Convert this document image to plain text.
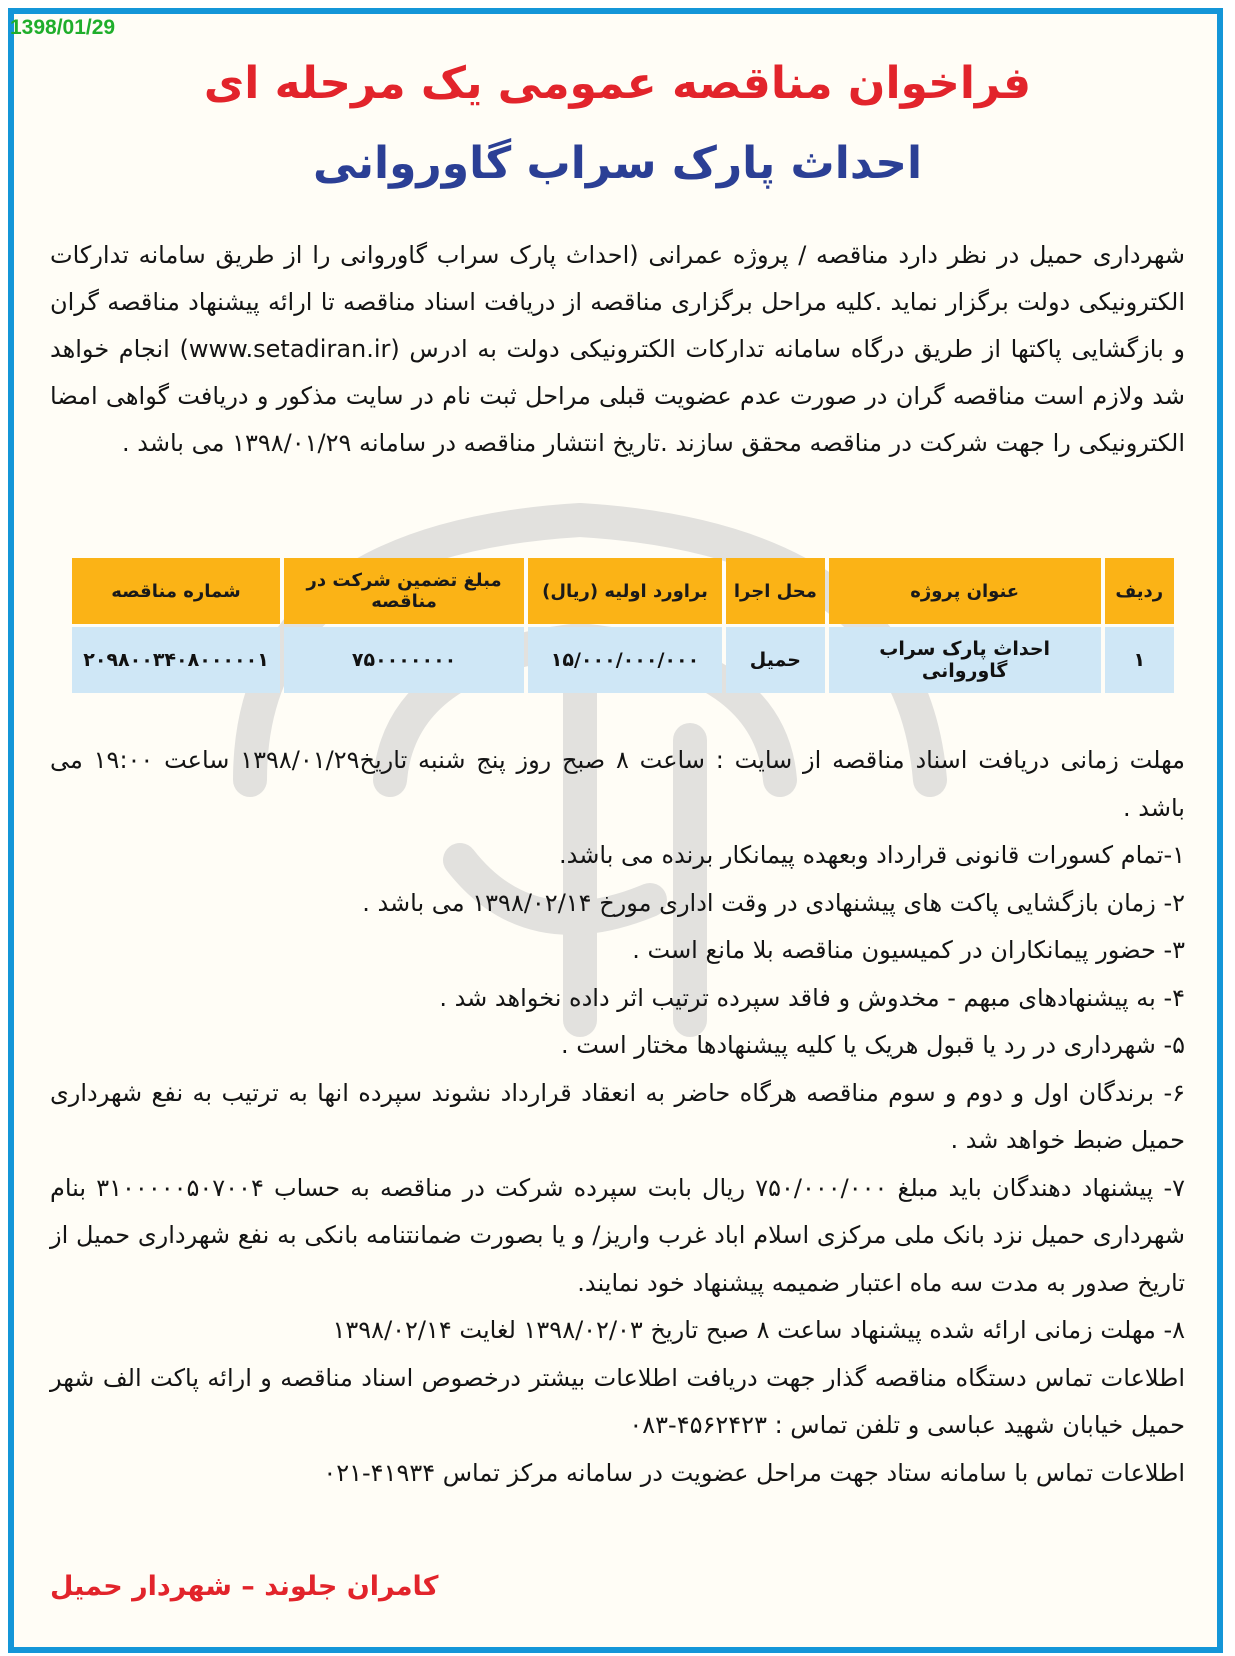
1398/01/29
فراخوان مناقصه عمومی یک مرحله ای
احداث پارک سراب گاوروانی
شهرداری حمیل در نظر دارد مناقصه / پروژه عمرانی (احداث پارک سراب گاوروانی را از طریق سامانه تدارکات الکترونیکی دولت برگزار نماید .کلیه مراحل برگزاری مناقصه از دریافت اسناد مناقصه تا ارائه پیشنهاد مناقصه گران و بازگشایی پاکتها از طریق درگاه سامانه تدارکات الکترونیکی دولت به ادرس (www.setadiran.ir) انجام خواهد شد ولازم است مناقصه گران در صورت عدم عضویت قبلی مراحل ثبت نام در سایت مذکور و دریافت گواهی امضا الکترونیکی را جهت شرکت در مناقصه محقق سازند .تاریخ انتشار مناقصه در سامانه ۱۳۹۸/۰۱/۲۹ می باشد .
ردیف	عنوان پروژه	محل اجرا	براورد اولیه (ریال)	مبلغ تضمین شرکت در مناقصه	شماره مناقصه
۱	احداث پارک سراب گاوروانی	حمیل	۱۵/۰۰۰/۰۰۰/۰۰۰	۷۵۰۰۰۰۰۰۰	۲۰۹۸۰۰۳۴۰۸۰۰۰۰۰۱

مهلت زمانی دریافت اسناد مناقصه از سایت : ساعت ۸ صبح روز پنج شنبه تاریخ۱۳۹۸/۰۱/۲۹ ساعت ۱۹:۰۰ می باشد .

۱-تمام کسورات قانونی قرارداد وبعهده پیمانکار برنده می باشد.

۲- زمان بازگشایی پاکت های پیشنهادی در وقت اداری مورخ ۱۳۹۸/۰۲/۱۴ می باشد .

۳- حضور پیمانکاران در کمیسیون مناقصه بلا مانع است .

۴- به پیشنهادهای مبهم - مخدوش و فاقد سپرده ترتیب اثر داده نخواهد شد .

۵- شهرداری در رد یا قبول هریک یا کلیه پیشنهادها مختار است .

۶- برندگان اول و دوم و سوم مناقصه هرگاه حاضر به انعقاد قرارداد نشوند سپرده انها به ترتیب به نفع شهرداری حمیل ضبط خواهد شد .

۷- پیشنهاد دهندگان باید مبلغ ۷۵۰/۰۰۰/۰۰۰ ریال بابت سپرده شرکت در مناقصه به حساب ۳۱۰۰۰۰۰۵۰۷۰۰۴ بنام شهرداری حمیل نزد بانک ملی مرکزی اسلام اباد غرب واریز/ و یا بصورت ضمانتنامه بانکی به نفع شهرداری حمیل از تاریخ صدور به مدت سه ماه اعتبار ضمیمه پیشنهاد خود نمایند.

۸- مهلت زمانی ارائه شده پیشنهاد ساعت ۸ صبح تاریخ ۱۳۹۸/۰۲/۰۳ لغایت ۱۳۹۸/۰۲/۱۴

اطلاعات تماس دستگاه مناقصه گذار جهت دریافت اطلاعات بیشتر درخصوص اسناد مناقصه و ارائه پاکت الف شهر حمیل خیابان شهید عباسی و تلفن تماس : ۴۵۶۲۴۲۳-۰۸۳

اطلاعات تماس با سامانه ستاد جهت مراحل عضویت در سامانه مرکز تماس ۴۱۹۳۴-۰۲۱

کامران جلوند – شهردار حمیل
